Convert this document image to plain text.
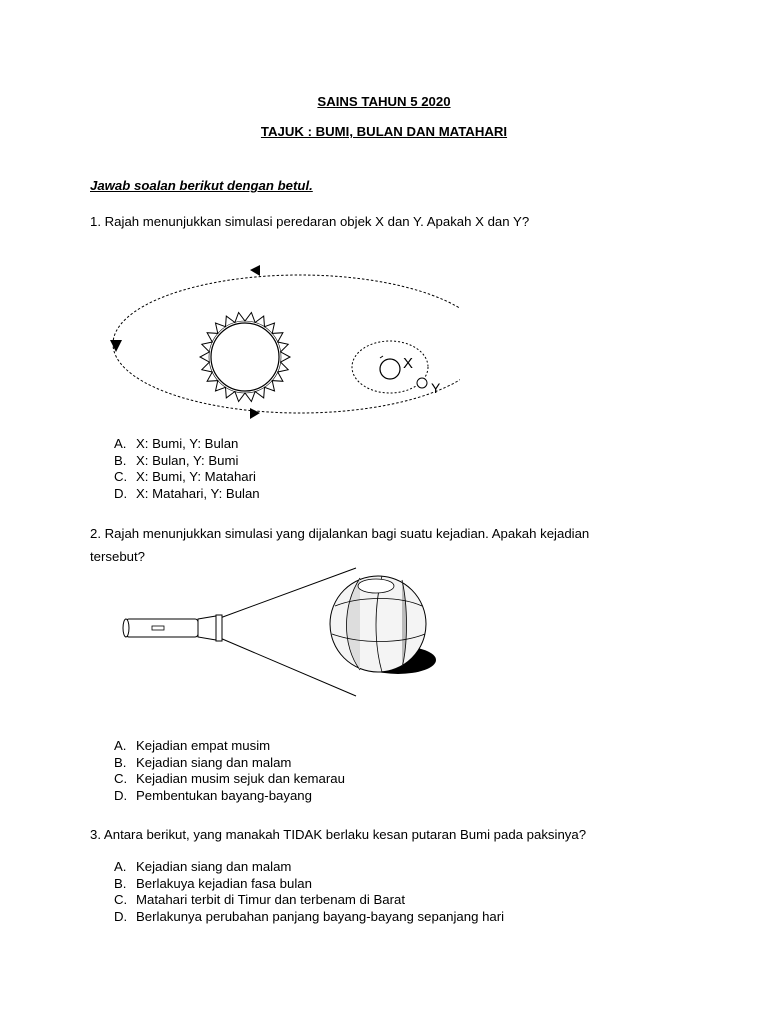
SAINS TAHUN 5 2020
TAJUK : BUMI, BULAN DAN MATAHARI
Jawab soalan berikut dengan betul.
1. Rajah menunjukkan simulasi peredaran objek X dan Y. Apakah X dan Y?
X
Y
A. X: Bumi, Y: Bulan
B. X: Bulan, Y: Bumi
C. X: Bumi, Y: Matahari
D. X: Matahari, Y: Bulan
2. Rajah menunjukkan simulasi yang dijalankan bagi suatu kejadian. Apakah kejadian
tersebut?
A. Kejadian empat musim
B. Kejadian siang dan malam
C. Kejadian musim sejuk dan kemarau
D. Pembentukan bayang-bayang
3. Antara berikut, yang manakah TIDAK berlaku kesan putaran Bumi pada paksinya?
A. Kejadian siang dan malam
B. Berlakuya kejadian fasa bulan
C. Matahari terbit di Timur dan terbenam di Barat
D. Berlakunya perubahan panjang bayang-bayang sepanjang hari
